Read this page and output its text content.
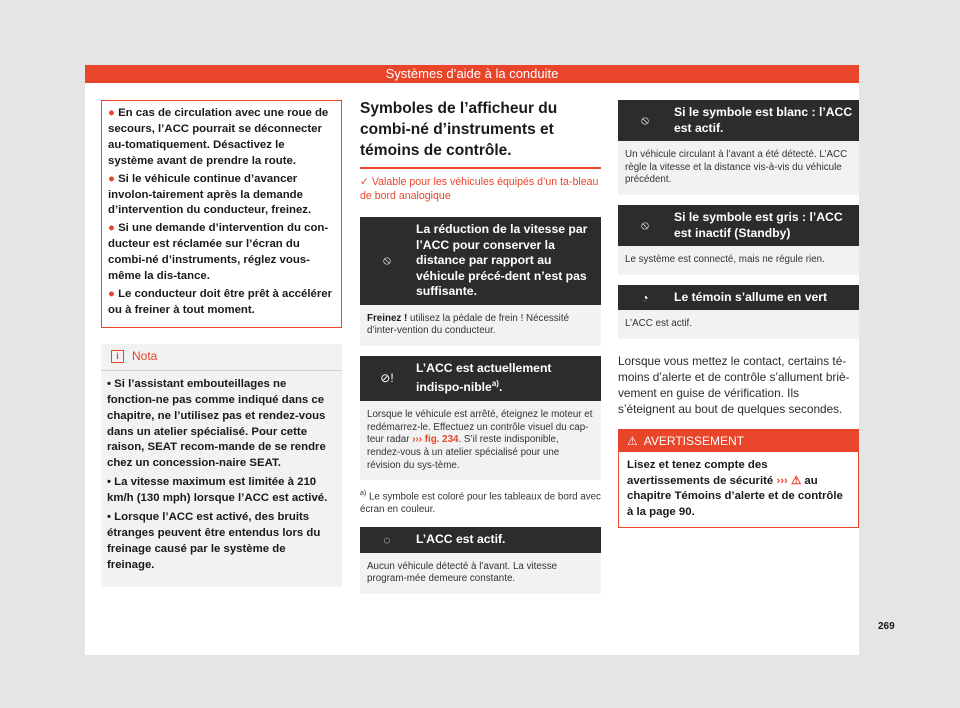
Systèmes d’aide à la conduite

● En cas de circulation avec une roue de secours, l’ACC pourrait se déconnecter au-tomatiquement. Désactivez le système avant de prendre la route.

● Si le véhicule continue d’avancer involon-tairement après la demande d’intervention du conducteur, freinez.

● Si une demande d’intervention du con-ducteur est réclamée sur l’écran du combi-né d’instruments, réglez vous-même la dis-tance.

● Le conducteur doit être prêt à accélérer ou à freiner à tout moment.

i	Nota

• Si l’assistant embouteillages ne fonction-ne pas comme indiqué dans ce chapitre, ne l’utilisez pas et rendez-vous dans un atelier spécialisé. Pour cette raison, SEAT recom-mande de se rendre chez un concession-naire SEAT.

• La vitesse maximum est limitée à 210 km/h (130 mph) lorsque l’ACC est activé.

• Lorsque l’ACC est activé, des bruits étranges peuvent être entendus lors du freinage causé par le système de freinage.

Symboles de l’afficheur du combi-né d’instruments et témoins de contrôle.
✓ Valable pour les véhicules équipés d’un ta-bleau de bord analogique
⦸
La réduction de la vitesse par l’ACC pour conserver la distance par rapport au véhicule précé-dent n’est pas suffisante.
Freinez ! utilisez la pédale de frein ! Nécessité d’inter-vention du conducteur.
⊘!
L’ACC est actuellement indispo-nible$^{a)}$.
Lorsque le véhicule est arrêté, éteignez le moteur et redémarrez-le. Effectuez un contrôle visuel du cap-teur radar ››› fig. 234. S’il reste indisponible, rendez-vous à un atelier spécialisé pour une révision du sys-tème.
$^{a)}$ Le symbole est coloré pour les tableaux de bord avec écran en couleur.
◌	L’ACC est actif.
Aucun véhicule détecté à l’avant. La vitesse program-mée demeure constante.
⦸
Si le symbole est blanc : l’ACC est actif.
Un véhicule circulant à l’avant a été détecté. L’ACC règle la vitesse et la distance vis-à-vis du véhicule précédent.
⦸
Si le symbole est gris : l’ACC est inactif (Standby)
Le système est connecté, mais ne régule rien.
◔	Le témoin s’allume en vert
L’ACC est actif.
Lorsque vous mettez le contact, certains té-moins d’alerte et de contrôle s’allument briè-vement en guise de vérification. Ils s’éteignent au bout de quelques secondes.
⚠ AVERTISSEMENT
Lisez et tenez compte des avertissements de sécurité ››› ⚠ au chapitre Témoins d’alerte et de contrôle à la page 90.
269
